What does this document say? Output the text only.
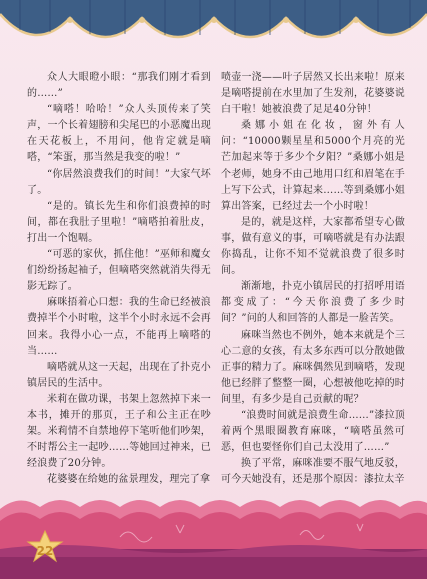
众人大眼瞪小眼：“那我们刚才看到的……”

“嘀嗒！哈哈！”众人头顶传来了笑声，一个长着翅膀和尖尾巴的小恶魔出现在天花板上，不用问，他肯定就是嘀嗒，“笨蛋，那当然是我变的啦！”

“你居然浪费我们的时间！”大家气坏了。

“是的。镇长先生和你们浪费掉的时间，都在我肚子里啦！”嘀嗒拍着肚皮，打出一个饱嗝。

“可恶的家伙，抓住他！”巫师和魔女们纷纷扬起袖子，但嘀嗒突然就消失得无影无踪了。

麻咪捂着心口想：我的生命已经被浪费掉半个小时啦，这半个小时永远不会再回来。我得小心一点，不能再上嘀嗒的当……

嘀嗒就从这一天起，出现在了扑克小镇居民的生活中。

米莉在做功课，书架上忽然掉下来一本书，摊开的那页，王子和公主正在吵架。米莉情不自禁地停下笔听他们吵架，不时帮公主一起吵……等她回过神来，已经浪费了20分钟。

花婆婆在给她的盆景理发，理完了拿

喷壶一浇——叶子居然又长出来啦！原来是嘀嗒提前在水里加了生发剂，花婆婆说白干啦！她被浪费了足足40分钟！

桑娜小姐在化妆，窗外有人问：“10000颗星星和5000个月亮的光芒加起来等于多少个夕阳？”桑娜小姐是个老师，她身不由己地用口红和眉笔在手上写下公式，计算起来……等到桑娜小姐算出答案，已经过去一个小时啦！

是的，就是这样，大家都希望专心做事，做有意义的事，可嘀嗒就是有办法跟你捣乱，让你不知不觉就浪费了很多时间。

渐渐地，扑克小镇居民的打招呼用语都变成了：“今天你浪费了多少时间？”问的人和回答的人都是一脸苦笑。

麻咪当然也不例外，她本来就是个三心二意的女孩，有太多东西可以分散她做正事的精力了。麻咪偶然见到嘀嗒，发现他已经胖了整整一圈，心想被他吃掉的时间里，有多少是自己贡献的呢？

“浪费时间就是浪费生命……”漆拉顶着两个黑眼圈教育麻咪，“嘀嗒虽然可恶，但也要怪你们自己太没用了……”

换了平常，麻咪准要不服气地反驳，可今天她没有，还是那个原因：漆拉太辛

22
